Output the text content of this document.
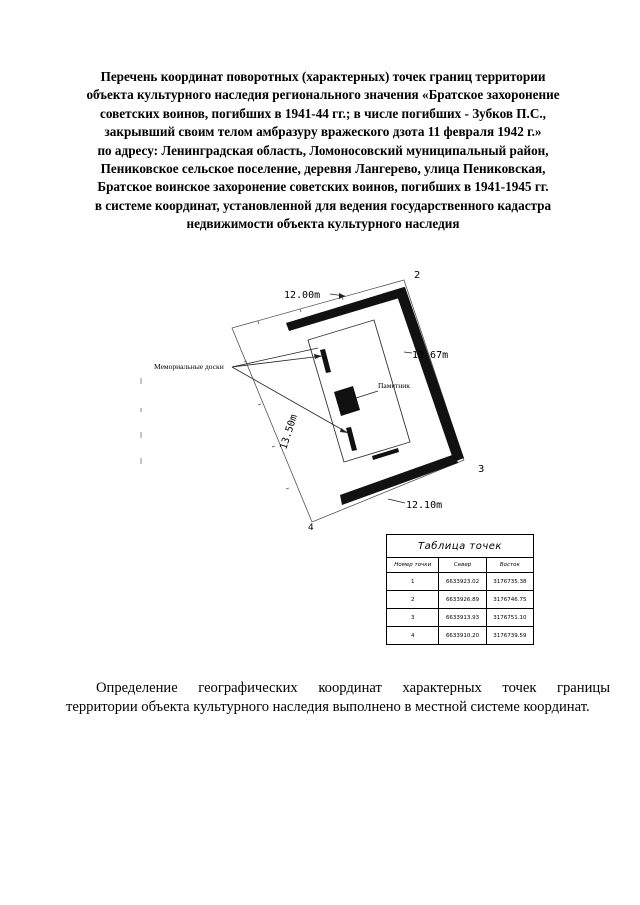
Перечень координат поворотных (характерных) точек границ территории
объекта культурного наследия регионального значения «Братское захоронение
советских воинов, погибших в 1941-44 гг.; в числе погибших - Зубков П.С.,
закрывший своим телом амбразуру вражеского дзота 11 февраля 1942 г.»
по адресу: Ленинградская область, Ломоносовский муниципальный район,
Пениковское сельское поселение, деревня Лангерево, улица Пениковская,
Братское воинское захоронение советских воинов, погибших в 1941-1945 гг.
в системе координат, установленной для ведения государственного кадастра
недвижимости объекта культурного наследия
12.00m
13.67m
12.10m
13.50m
Мемориальные доски
Памятник
2
3
4
Таблица точек		
Номер точки	Север	Восток
1	6633923.02	3176735.38
2	6633926.89	3176746.75
3	6633913.93	3176751.10
4	6633910.20	3176739.59
Определение географических координат характерных точек границы
территории объекта культурного наследия выполнено в местной системе координат.
